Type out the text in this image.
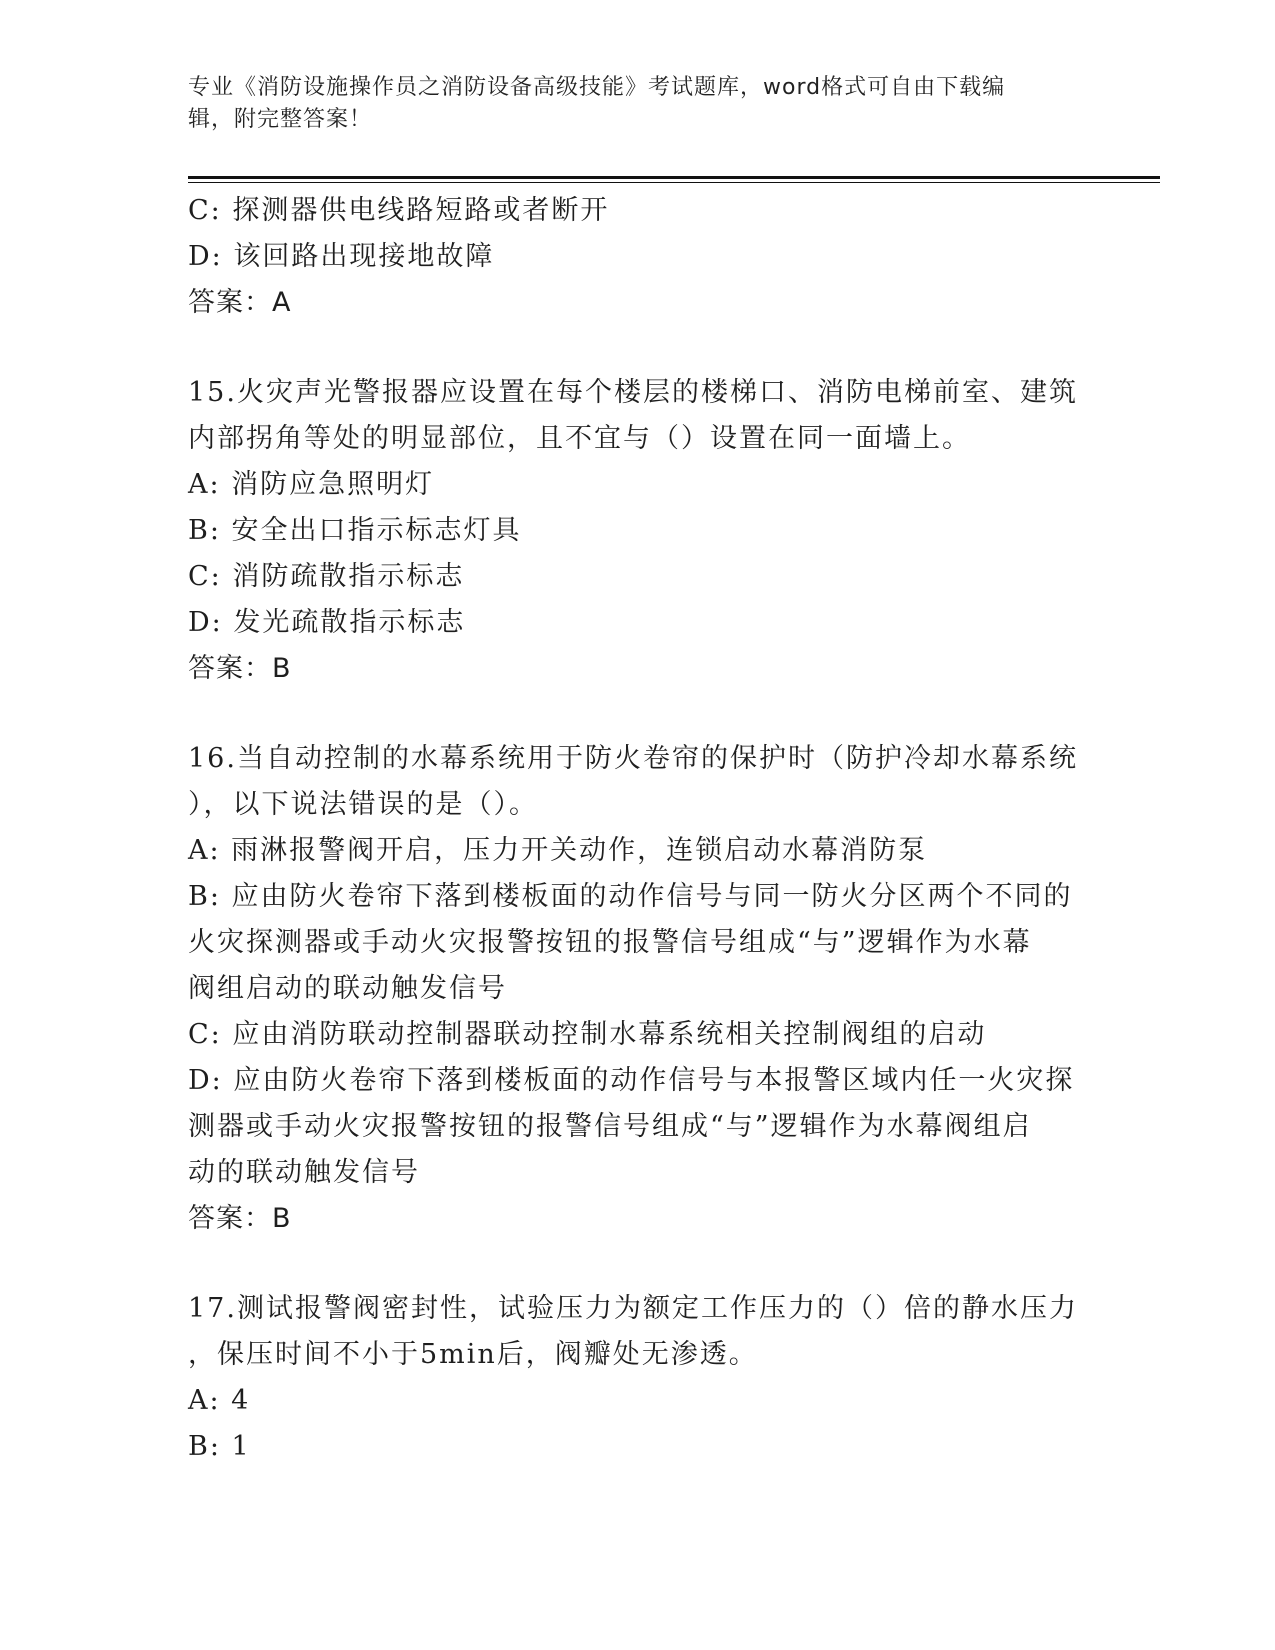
专业《消防设施操作员之消防设备高级技能》考试题库，word格式可自由下载编
辑，附完整答案！
C: 探测器供电线路短路或者断开
D: 该回路出现接地故障
答案：A
15.火灾声光警报器应设置在每个楼层的楼梯口、消防电梯前室、建筑
内部拐角等处的明显部位，且不宜与（）设置在同一面墙上。
A: 消防应急照明灯
B: 安全出口指示标志灯具
C: 消防疏散指示标志
D: 发光疏散指示标志
答案：B
16.当自动控制的水幕系统用于防火卷帘的保护时（防护冷却水幕系统
），以下说法错误的是（）。
A: 雨淋报警阀开启，压力开关动作，连锁启动水幕消防泵
B: 应由防火卷帘下落到楼板面的动作信号与同一防火分区两个不同的
火灾探测器或手动火灾报警按钮的报警信号组成“与”逻辑作为水幕
阀组启动的联动触发信号
C: 应由消防联动控制器联动控制水幕系统相关控制阀组的启动
D: 应由防火卷帘下落到楼板面的动作信号与本报警区域内任一火灾探
测器或手动火灾报警按钮的报警信号组成“与”逻辑作为水幕阀组启
动的联动触发信号
答案：B
17.测试报警阀密封性，试验压力为额定工作压力的（）倍的静水压力
，保压时间不小于5min后，阀瓣处无渗透。
A: 4
B: 1
